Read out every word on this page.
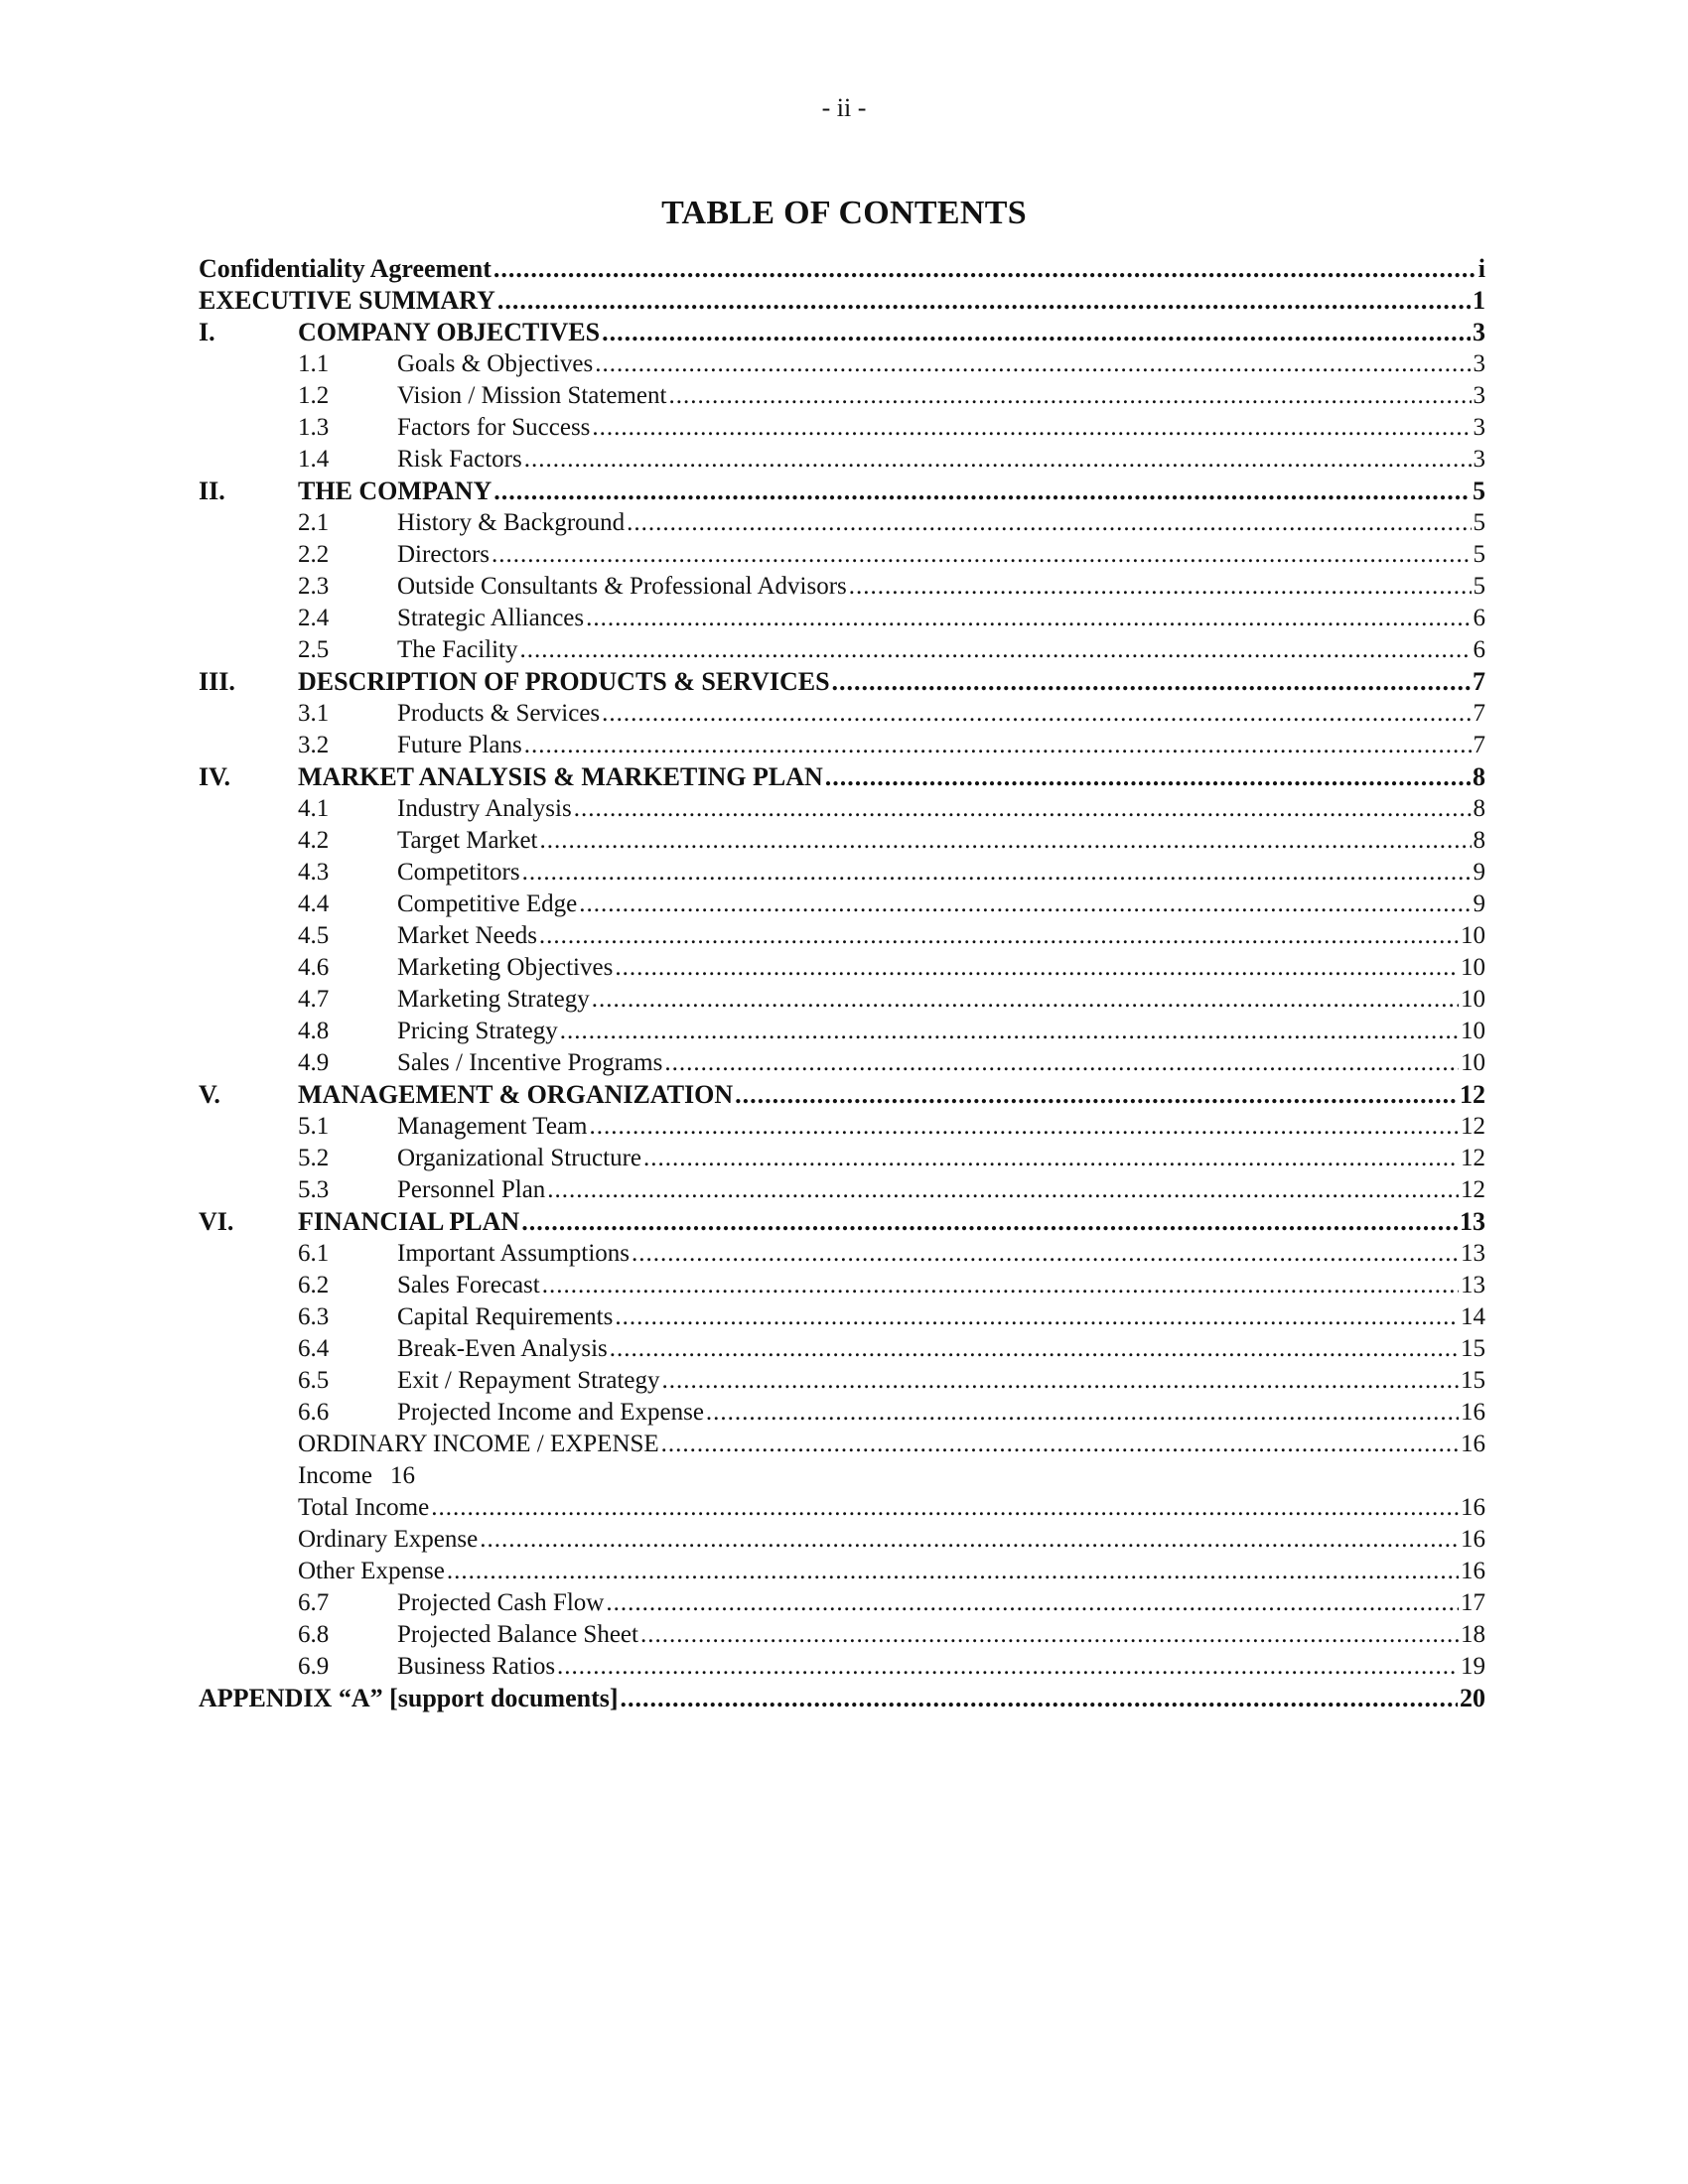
- ii -
TABLE OF CONTENTS
Confidentiality Agreement .....	i
EXECUTIVE SUMMARY .....	1
I.	COMPANY OBJECTIVES .....	3
1.1	Goals & Objectives .....	3
1.2	Vision / Mission Statement .....	3
1.3	Factors for Success .....	3
1.4	Risk Factors .....	3
II.	THE COMPANY .....	5
2.1	History & Background .....	5
2.2	Directors .....	5
2.3	Outside Consultants & Professional Advisors .....	5
2.4	Strategic Alliances .....	6
2.5	The Facility .....	6
III.	DESCRIPTION OF PRODUCTS & SERVICES .....	7
3.1	Products & Services .....	7
3.2	Future Plans .....	7
IV.	MARKET ANALYSIS & MARKETING PLAN .....	8
4.1	Industry Analysis .....	8
4.2	Target Market .....	8
4.3	Competitors .....	9
4.4	Competitive Edge .....	9
4.5	Market Needs .....	10
4.6	Marketing Objectives .....	10
4.7	Marketing Strategy .....	10
4.8	Pricing Strategy .....	10
4.9	Sales / Incentive Programs .....	10
V.	MANAGEMENT & ORGANIZATION .....	12
5.1	Management Team .....	12
5.2	Organizational Structure .....	12
5.3	Personnel Plan .....	12
VI.	FINANCIAL PLAN .....	13
6.1	Important Assumptions .....	13
6.2	Sales Forecast .....	13
6.3	Capital Requirements .....	14
6.4	Break-Even Analysis .....	15
6.5	Exit / Repayment Strategy .....	15
6.6	Projected Income and Expense .....	16
ORDINARY INCOME / EXPENSE .....	16
Income 16
Total Income .....	16
Ordinary Expense .....	16
Other Expense .....	16
6.7	Projected Cash Flow .....	17
6.8	Projected Balance Sheet .....	18
6.9	Business Ratios .....	19
APPENDIX “A” [support documents] .....	20
